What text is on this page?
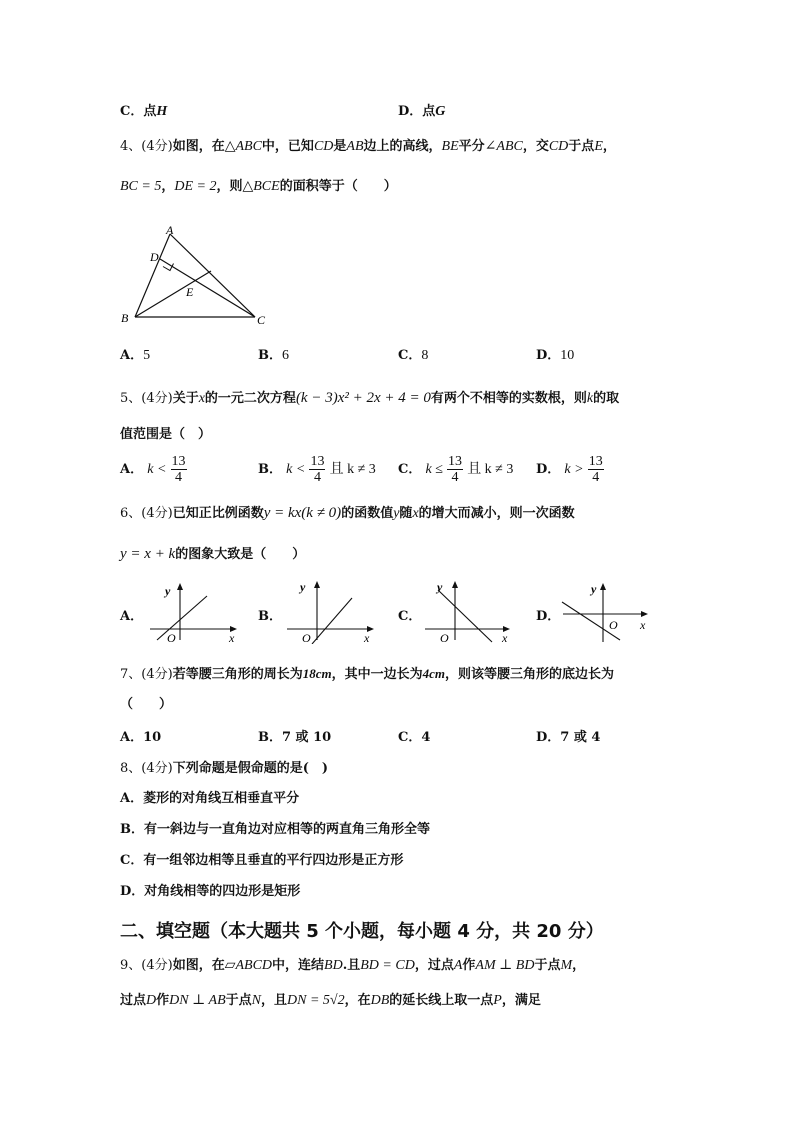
C．点H	D．点G
4、(4分)如图，在△ABC中，已知CD是AB边上的高线，BE平分∠ABC，交CD于点E，
BC = 5，DE = 2，则△BCE的面积等于（　　）
A
D
E
B	C
A．5	B．6	C．8	D．10
5、(4分)关于x的一元二次方程(k − 3)x² + 2x + 4 = 0有两个不相等的实数根，则k的取
值范围是（　）
A． $k < \frac{13}{4}$	B． $k < \frac{13}{4}$ 且 k ≠ 3 C． $k \le \frac{13}{4}$ 且 k ≠ 3 D． $k > \frac{13}{4}$
6、(4分)已知正比例函数y = kx(k ≠ 0)的函数值y随x的增大而减小，则一次函数
y = x + k的图象大致是（　　）
A．
y
x
O
B．
y
x
O
C．
y
x
O
D．
y
x
O
7、(4分)若等腰三角形的周长为18cm，其中一边长为4cm，则该等腰三角形的底边长为
（　　）
A．10	B．7 或 10	C．4	D．7 或 4
8、(4分)下列命题是假命题的是(　)
A．菱形的对角线互相垂直平分
B．有一斜边与一直角边对应相等的两直角三角形全等
C．有一组邻边相等且垂直的平行四边形是正方形
D．对角线相等的四边形是矩形
二、填空题（本大题共 5 个小题，每小题 4 分，共 20 分）
9、(4分)如图，在▱ABCD中，连结BD.且BD = CD，过点A作AM ⊥ BD于点M，
过点D作DN ⊥ AB于点N，且DN = 5√2，在DB的延长线上取一点P，满足
